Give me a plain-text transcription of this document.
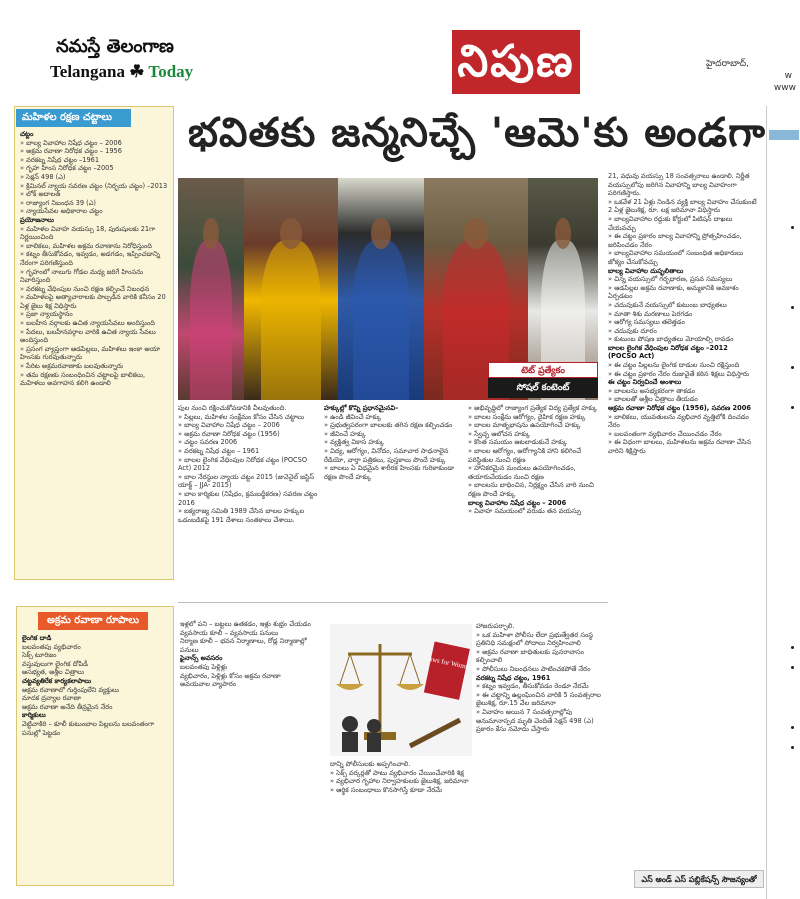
నమస్తే తెలంగాణ
Telangana ☘ Today	నిపుణ	హైదరాబాద్,
w
www
భవితకు జన్మనిచ్చే 'ఆమె'కు అండగా
మహిళల రక్షణ చట్టాలు
చట్టం
» బాల్య వివాహాల నిషేధ చట్టం – 2006
» అక్రమ రవాణా నిరోధక చట్టం – 1956
» వరకట్న నిషేధ చట్టం –1961
» గృహ హింస నిరోధక చట్టం –2005
» సెక్షన్ 498 (ఎ)
» క్రిమినల్ న్యాయ సవరణ చట్టం (నిర్భయ చట్టం) –2013
» లోక్ అదాలత్
» రాజ్యాంగ నిబంధన 39 (ఎ)
» న్యాయసేవల అధికారాల చట్టం
ప్రయోజనాలు
» మహిళల వివాహ వయస్సు 18, పురుషులకు 21గా నిర్ణయించింది
» బాలికలు, మహిళల అక్రమ రవాణాను నిరోధిస్తుంది
» కట్నం తీసుకోవడం, ఇవ్వడం, అడగడం, ఇప్పించడాన్ని నేరంగా పరిగణిస్తుంది
» గృహంలో నాలుగు గోడల మధ్య జరిగే హింసను నివారిస్తుంది
» వరకట్న వేధింపుల నుంచి రక్షణ కల్పించే నిబంధన
» మహిళలపై అత్యాచారాలకు పాల్పడిన వారికి కనీసం 20 ఏళ్ల జైలు శిక్ష విధిస్తారు
» ప్రజా న్యాయస్థానం
» బలహీన వర్గాలకు ఉచిత న్యాయసేవలు అందిస్తుంది
» పేదలు, బలహీనవర్గాల వారికి ఉచిత న్యాయ సేవలు అందిస్తుంది
» ప్రసంగ వ్యాప్తంగా ఆడపిల్లలు, మహిళలు ఇంకా అయా హింసకు గురవుతున్నారు
» పేరిట అక్రమరవాణాకు బలవుతున్నారు
» తమ రక్షణకు సంబంధించిన చట్టాలపై బాలికలు, మహిళలు అవగాహన కలిగి ఉండాలి
టెట్ ప్రత్యేకం
సోషల్ కంటెంట్
పుల నుంచి రక్షించుకోవడానికి వీలవుతుంది.
» పిల్లలు, మహిళల సంక్షేమం కోసం చేసిన చట్టాలు
» బాల్య వివాహాల నిషేధ చట్టం – 2006
» అక్రమ రవాణా నిరోధక చట్టం (1956)
» చట్టం సవరణ 2006
» వరకట్న నిషేధ చట్టం – 1961
» బాలల లైంగిక వేధింపుల నిరోధక చట్టం (POCSO Act) 2012
» బాల నేరస్థుల న్యాయ చట్టం 2015 (జువెనైల్ జస్టిస్ యాక్ట్ – JJA- 2015)
» బాల కార్మికుల (నిషేధం, క్రమబద్ధీకరణ) సవరణ చట్టం 2016
» ఐక్యరాజ్య సమితి 1989 చేసిన బాలల హక్కుల ఒడంబడికపై 191 దేశాలు సంతకాలు చేశాయి.
హక్కుల్లో కొన్ని ప్రధానమైనవి–
» ఉండి జీవించే హక్కు
» ప్రభుత్వపరంగా బాలలకు తగిన రక్షణ కల్పించడం
» జీవించే హక్కు
» వ్యక్తిత్వ వికాస హక్కు
» విద్య, ఆరోగ్యం, వినోదం, సమాచార సాధనాలైన రేడియో, వార్తా పత్రికలు, పుస్తకాలు పొందే హక్కు
» బాలలు ఏ విధమైన శారీరక హింసకు గురికాకుండా రక్షణ పొందే హక్కు
» అభివృద్ధిలో రాజ్యాంగ ప్రత్యేక విద్య ప్రత్యేక హక్కు
» బాలల సంక్షేమ ఆరోగ్యం, దైహిక రక్షణ హక్కు
» బాలల మాతృభాషను ఉపయోగించే హక్కు
» స్వేచ్ఛ ఆలోచన హక్కు
» కొంత సమయం ఆటలాడుకునే హక్కు
» బాలల ఆరోగ్యం, ఆరోగ్యానికి హాని కలిగించే పరిస్థితుల నుంచి రక్షణ
» హానికరమైన మందులు ఉపయోగించడం, తయారుచేయడం నుంచి రక్షణ
» బాలలను బాధించిన, నిర్లక్ష్యం చేసిన వారి నుంచి రక్షణ పొందే హక్కు
బాల్య వివాహాల నిషేధ చట్టం – 2006
» వివాహ సమయంలో వరుడు తన వయస్సు
21, వధువు వయస్సు 18 సంవత్సరాలు ఉండాలి. నిర్ణీత వయస్సులోపు జరిగిన వివాహాన్ని బాల్య వివాహంగా పరిగణిస్తారు.
» ఒకవేళ 21 ఏళ్లు నిండిన వ్యక్తి బాల్య వివాహం చేసుకుంటే 2 ఏళ్ల జైలుశిక్ష, రూ. లక్ష జరిమానా విధిస్తారు
» బాల్యవివాహాల రద్దుకు కోర్టులో పిటిషన్ దాఖలు చేయవచ్చు
» ఈ చట్టం ప్రకారం బాల్య వివాహాన్ని ప్రోత్సహించడం, జరిపించడం నేరం
» బాల్యవివాహాల సమయంలో సంబంధిత అధికారులు జోక్యం చేసుకోవచ్చు
బాల్య వివాహాల దుష్ఫలితాలు
» చిన్న వయస్సులో గర్భధారణ, ప్రసవ సమస్యలు
» ఆడపిల్లల అక్రమ రవాణాకు, అమ్మకానికి అవకాశం ఏర్పడటం
» చదువుకునే వయస్సులో కుటుంబ బాధ్యతలు
» మాతా శిశు మరణాలు పెరగడం
» ఆరోగ్య సమస్యలు తలెత్తడం
» చదువుకు దూరం
» కుటుంబ పోషణ బాధ్యతలు మోయాల్సి రావడం
బాలల లైంగిక వేధింపుల నిరోధక చట్టం –2012 (POCSO Act)
» ఈ చట్టం పిల్లలను లైంగిక దాడుల నుంచి రక్షిస్తుంది
» ఈ చట్టం ప్రకారం నేరం రుజువైతే కఠిన శిక్షలు విధిస్తారు
ఈ చట్టం నిర్వచించే అంశాలు
» బాలలను అసభ్యకరంగా తాకడం
» బాలలతో అశ్లీల చిత్రాలు తీయడం
అక్రమ రవాణా నిరోధక చట్టం (1956), సవరణ 2006
» బాలికలు, యువతులను వ్యభిచార వృత్తిలోకి దించడం నేరం
» బలవంతంగా వ్యభిచారం చేయించడం నేరం
» ఈ విధంగా బాలలు, మహిళలను అక్రమ రవాణా చేసిన వారిని శిక్షిస్తారు
అక్రమ రవాణా రూపాలు
లైంగిక దాడి
బలవంతపు వ్యభిచారం
సెక్స్ టూరిజం
వస్తువులుగా లైంగిక దోపిడీ
అసభ్యత, అశ్లీల చిత్రాలు
చట్టవ్యతిరేక కార్యకలాపాలు
అక్రమ రవాణాలో గుర్తింపులేని వ్యక్తులు
మాదక ద్రవ్యాల రవాణా
అక్రమ రవాణా అనేది తీవ్రమైన నేరం
కార్మికులు
వెట్టిచాకిరి – కూలీ కుటుంబాల పిల్లలను బలవంతంగా పనుల్లో పెట్టడం
ఇళ్లలో పని – బట్టలు ఉతకడం, ఇళ్లు శుభ్రం చేయడం
వ్యవసాయ కూలీ – వ్యవసాయ పనులు
నిర్మాణ కూలీ – భవన నిర్మాణాలు, రోడ్ల నిర్మాణాల్లో పనులు
ఫైనాన్స్ అవసరం
బలవంతపు పెళ్లిళ్లు
వ్యభిచారం, పెళ్లిళ్లు కోసం అక్రమ రవాణా
అవయవాల వ్యాపారం
Laws for Women
దాన్ని పోలీసులకు అప్పగించాలి.
» సెక్స్ వర్కర్లతో పాటు వ్యభిచారం చేయించేవారికి శిక్ష
» వ్యభిచార గృహాల నిర్వాహకులకు జైలుశిక్ష, జరిమానా
» ఆర్థిక సంబంధాలు కొనసాగిస్తే కూడా నేరమే
హాజరుపర్చాలి.
» ఒక మహిళా పోలీసు లేదా ప్రభుత్వేతర సంస్థ ప్రతినిధి సమక్షంలో సోదాలు నిర్వహించాలి
» అక్రమ రవాణా బాధితులకు పునరావాసం కల్పించాలి
» పోలీసులు నిబంధనలు పాటించకపోతే నేరం
వరకట్న నిషేధ చట్టం, 1961
» కట్నం ఇవ్వడం, తీసుకోవడం రెండూ నేరమే
» ఈ చట్టాన్ని ఉల్లంఘించిన వారికి 5 సంవత్సరాల జైలుశిక్ష, రూ.15 వేల జరిమానా
» వివాహం అయిన 7 సంవత్సరాల్లోపు అనుమానాస్పద మృతి చెందితే సెక్షన్ 498 (ఎ) ప్రకారం కేసు నమోదు చేస్తారు
ఎస్ అండ్ ఎస్ పబ్లికేషన్స్ సౌజన్యంతో
